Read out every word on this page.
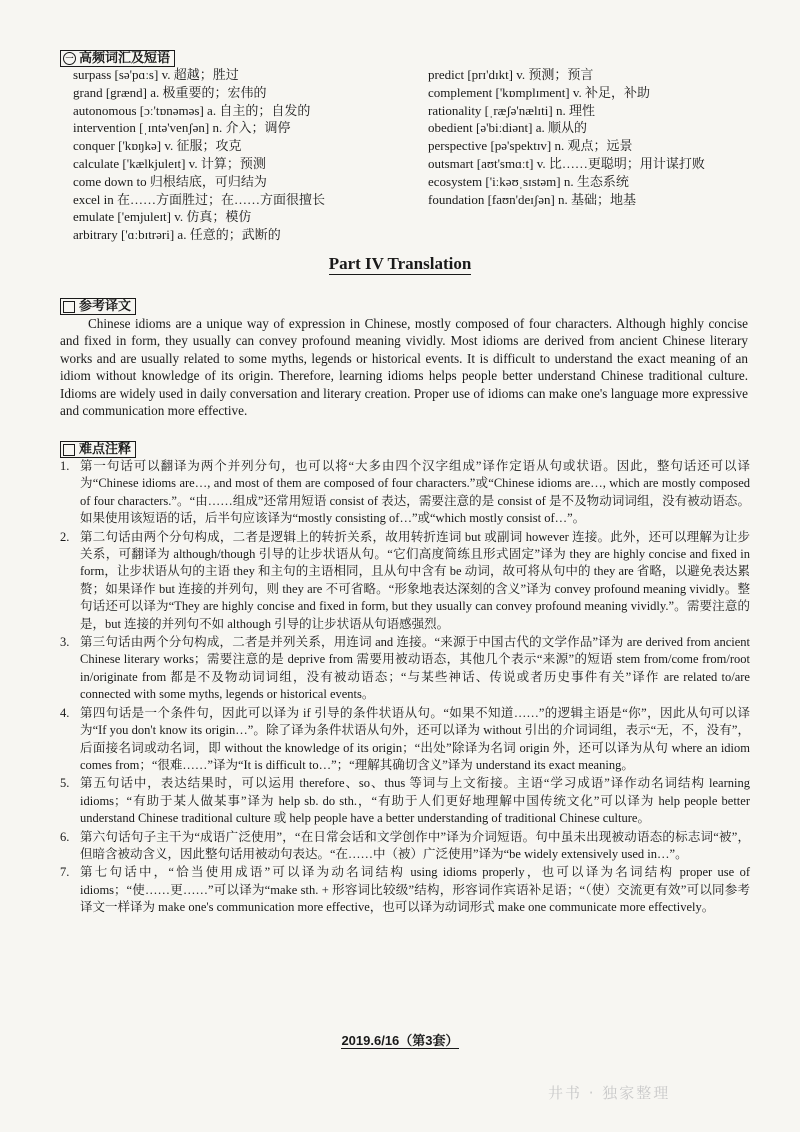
一 高频词汇及短语
surpass [sə'pɑːs] v. 超越；胜过
grand [grænd] a. 极重要的；宏伟的
autonomous [ɔː'tɒnəməs] a. 自主的；自发的
intervention [ˌɪntə'venʃən] n. 介入；调停
conquer ['kɒŋkə] v. 征服；攻克
calculate ['kælkjuleɪt] v. 计算；预测
come down to 归根结底，可归结为
excel in 在……方面胜过；在……方面很擅长
emulate ['emjuleɪt] v. 仿真；模仿
arbitrary ['ɑːbɪtrəri] a. 任意的；武断的
predict [prɪ'dɪkt] v. 预测；预言
complement ['kɒmplɪment] v. 补足，补助
rationality [ˌræʃə'nælɪti] n. 理性
obedient [ə'biːdiənt] a. 顺从的
perspective [pə'spektɪv] n. 观点；远景
outsmart [aʊt'smɑːt] v. 比……更聪明；用计谋打败
ecosystem ['iːkəʊˌsɪstəm] n. 生态系统
foundation [faʊn'deɪʃən] n. 基础；地基
Part IV Translation
参考译文
Chinese idioms are a unique way of expression in Chinese, mostly composed of four characters. Although highly concise and fixed in form, they usually can convey profound meaning vividly. Most idioms are derived from ancient Chinese literary works and are usually related to some myths, legends or historical events. It is difficult to understand the exact meaning of an idiom without knowledge of its origin. Therefore, learning idioms helps people better understand Chinese traditional culture. Idioms are widely used in daily conversation and literary creation. Proper use of idioms can make one's language more expressive and communication more effective.
难点注释
1. 第一句话可以翻译为两个并列分句，也可以将“大多由四个汉字组成”译作定语从句或状语。因此，整句话还可以译为“Chinese idioms are…, and most of them are composed of four characters.”或“Chinese idioms are…, which are mostly composed of four characters.”。“由……组成”还常用短语 consist of 表达，需要注意的是 consist of 是不及物动词词组，没有被动语态。如果使用该短语的话，后半句应该译为“mostly consisting of…”或“which mostly consist of…”。
2. 第二句话由两个分句构成，二者是逻辑上的转折关系，故用转折连词 but 或副词 however 连接。此外，还可以理解为让步关系，可翻译为 although/though 引导的让步状语从句。“它们高度简练且形式固定”译为 they are highly concise and fixed in form，让步状语从句的主语 they 和主句的主语相同，且从句中含有 be 动词，故可将从句中的 they are 省略，以避免表达累赘；如果译作 but 连接的并列句，则 they are 不可省略。“形象地表达深刻的含义”译为 convey profound meaning vividly。整句话还可以译为“They are highly concise and fixed in form, but they usually can convey profound meaning vividly.”。需要注意的是，but 连接的并列句不如 although 引导的让步状语从句语感强烈。
3. 第三句话由两个分句构成，二者是并列关系，用连词 and 连接。“来源于中国古代的文学作品”译为 are derived from ancient Chinese literary works；需要注意的是 deprive from 需要用被动语态，其他几个表示“来源”的短语 stem from/come from/root in/originate from 都是不及物动词词组，没有被动语态；“与某些神话、传说或者历史事件有关”译作 are related to/are connected with some myths, legends or historical events。
4. 第四句话是一个条件句，因此可以译为 if 引导的条件状语从句。“如果不知道……”的逻辑主语是“你”，因此从句可以译为“If you don't know its origin…”。除了译为条件状语从句外，还可以译为 without 引出的介词词组，表示“无，不，没有”，后面接名词或动名词，即 without the knowledge of its origin；“出处”除译为名词 origin 外，还可以译为从句 where an idiom comes from；“很难……”译为“It is difficult to…”；“理解其确切含义”译为 understand its exact meaning。
5. 第五句话中，表达结果时，可以运用 therefore、so、thus 等词与上文衔接。主语“学习成语”译作动名词结构 learning idioms；“有助于某人做某事”译为 help sb. do sth.，“有助于人们更好地理解中国传统文化”可以译为 help people better understand Chinese traditional culture 或 help people have a better understanding of traditional Chinese culture。
6. 第六句话句子主干为“成语广泛使用”，“在日常会话和文学创作中”译为介词短语。句中虽未出现被动语态的标志词“被”，但暗含被动含义，因此整句话用被动句表达。“在……中（被）广泛使用”译为“be widely extensively used in…”。
7. 第七句话中，“恰当使用成语”可以译为动名词结构 using idioms properly，也可以译为名词结构 proper use of idioms；“使……更……”可以译为“make sth. + 形容词比较级”结构，形容词作宾语补足语；“（使）交流更有效”可以同参考译文一样译为 make one's communication more effective，也可以译为动词形式 make one communicate more effectively。
2019.6/16（第3套）
井书 · 独家整理
